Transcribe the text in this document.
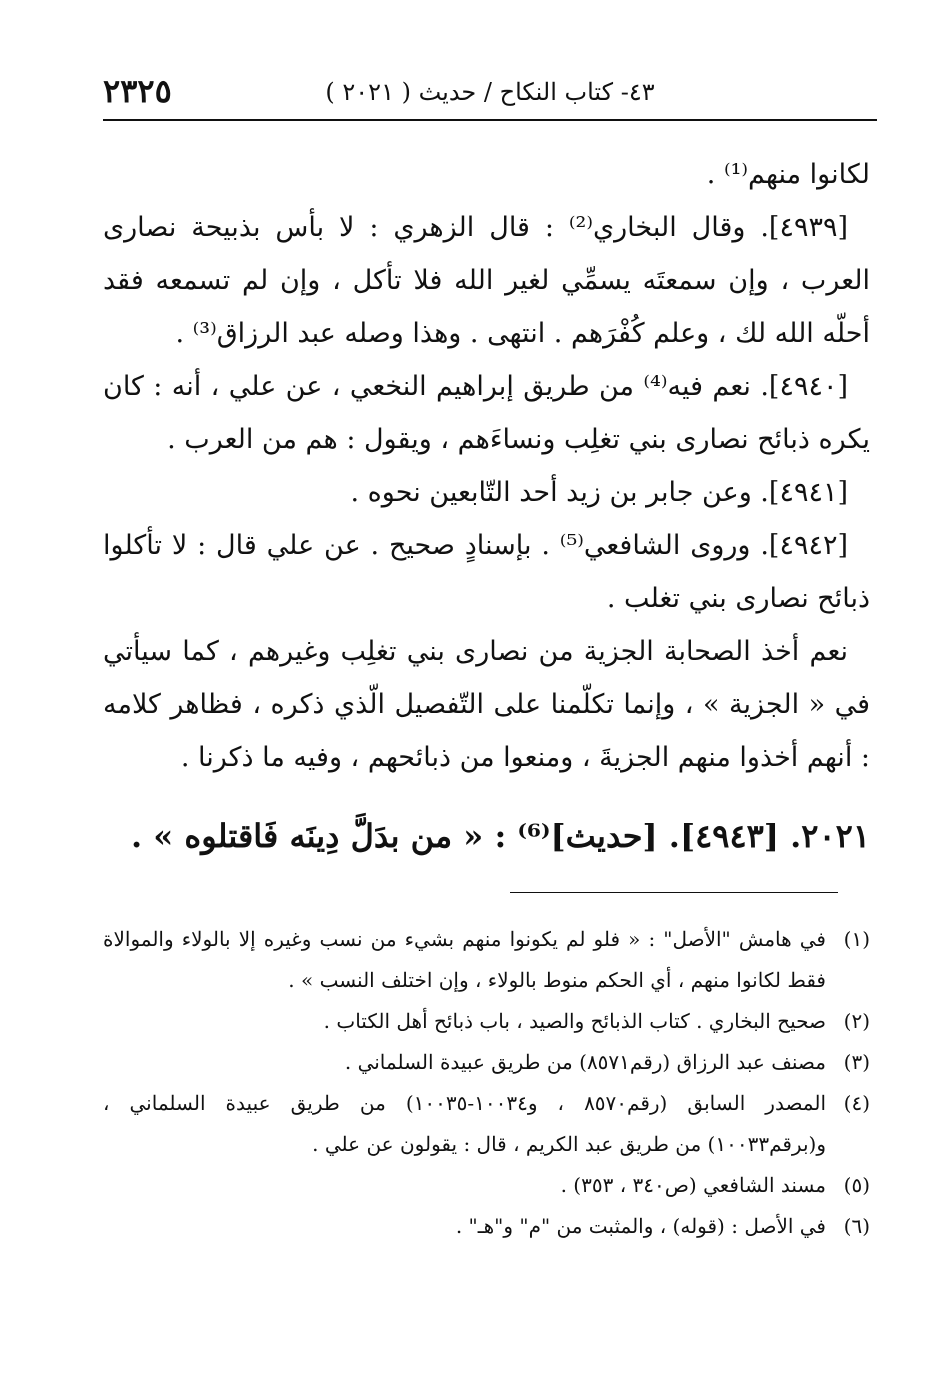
٢٣٢٥	٤٣- كتاب النكاح / حديث ( ٢٠٢١ )

لكانوا منهم⁽¹⁾ .

[٤٩٣٩]. وقال البخاري⁽²⁾ : قال الزهري : لا بأس بذبيحة نصارى العرب ، وإن سمعتَه يسمِّي لغير الله فلا تأكل ، وإن لم تسمعه فقد أحلّه الله لك ، وعلم كُفْرَهم . انتهى . وهذا وصله عبد الرزاق⁽³⁾ .

[٤٩٤٠]. نعم فيه⁽⁴⁾ من طريق إبراهيم النخعي ، عن علي ، أنه : كان يكره ذبائح نصارى بني تغلِب ونساءَهم ، ويقول : هم من العرب .

[٤٩٤١]. وعن جابر بن زيد أحد التّابعين نحوه .

[٤٩٤٢]. وروى الشافعي⁽⁵⁾ . بإسنادٍ صحيح . عن علي قال : لا تأكلوا ذبائح نصارى بني تغلب .

نعم أخذ الصحابة الجزية من نصارى بني تغلِب وغيرهم ، كما سيأتي في « الجزية » ، وإنما تكلّمنا على التّفصيل الّذي ذكره ، فظاهر كلامه : أنهم أخذوا منهم الجزيةَ ، ومنعوا من ذبائحهم ، وفيه ما ذكرنا .

٢٠٢١. [٤٩٤٣]. [حديث]⁽⁶⁾ : « من بدَلَّ دِينَه فَاقتلوه » .
(١)
في هامش "الأصل" : « فلو لم يكونوا منهم بشيء من نسب وغيره إلا بالولاء والموالاة فقط لكانوا منهم ، أي الحكم منوط بالولاء ، وإن اختلف النسب » .
(٢)
صحيح البخاري . كتاب الذبائح والصيد ، باب ذبائح أهل الكتاب .
(٣)
مصنف عبد الرزاق (رقم٨٥٧١) من طريق عبيدة السلماني .
(٤)
المصدر السابق (رقم٨٥٧٠ ، و١٠٠٣٤-١٠٠٣٥) من طريق عبيدة السلماني ، و(برقم١٠٠٣٣) من طريق عبد الكريم ، قال : يقولون عن علي .
(٥)
مسند الشافعي (ص٣٤٠ ، ٣٥٣) .
(٦)
في الأصل : (قوله) ، والمثبت من "م" و"هـ" .
